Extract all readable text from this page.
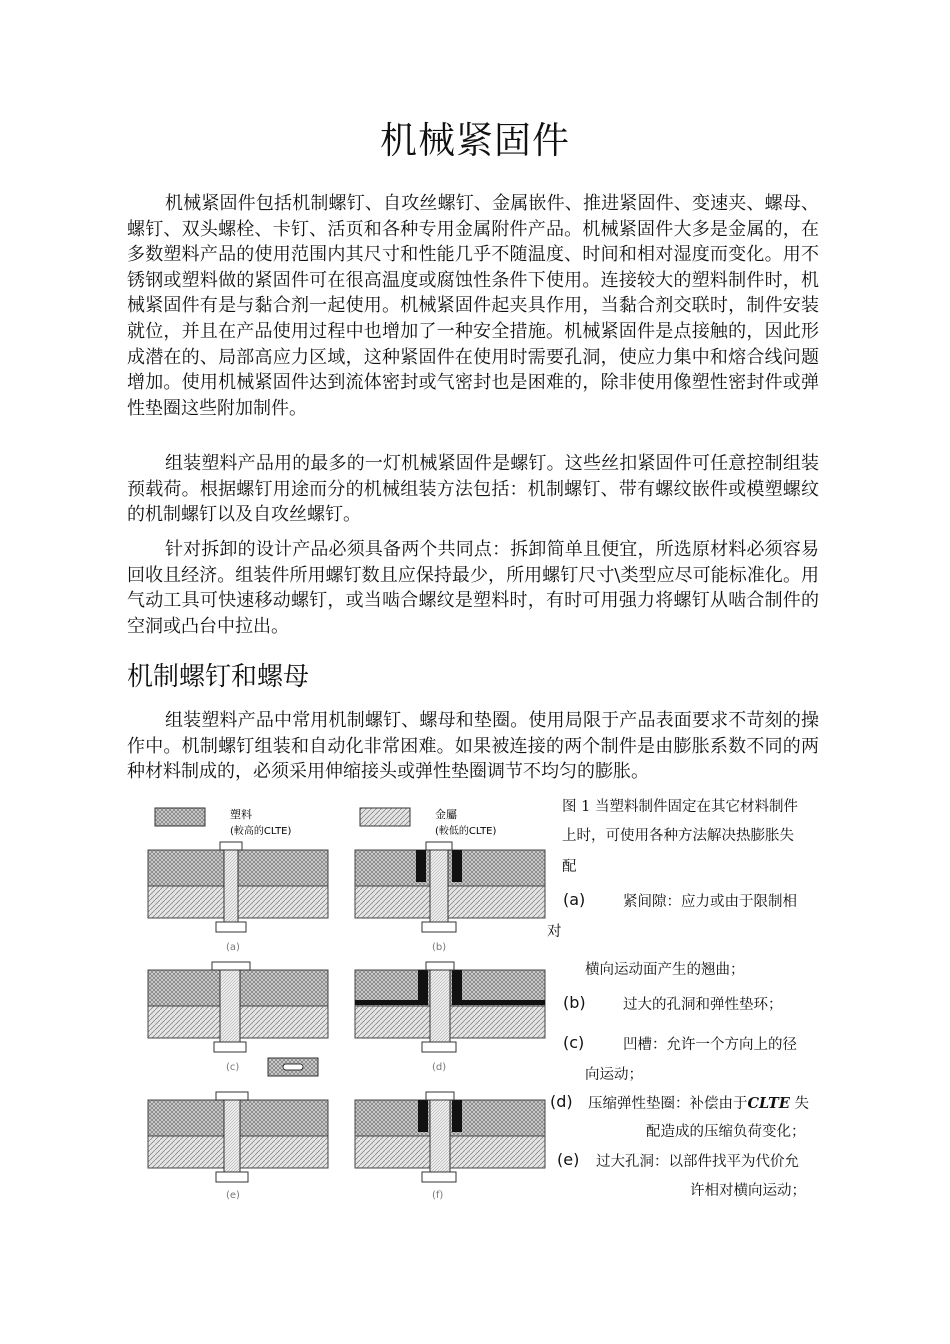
机械紧固件

机械紧固件包括机制螺钉、自攻丝螺钉、金属嵌件、推进紧固件、变速夹、螺母、螺钉、双头螺栓、卡钉、活页和各种专用金属附件产品。机械紧固件大多是金属的，在多数塑料产品的使用范围内其尺寸和性能几乎不随温度、时间和相对湿度而变化。用不锈钢或塑料做的紧固件可在很高温度或腐蚀性条件下使用。连接较大的塑料制件时，机械紧固件有是与黏合剂一起使用。机械紧固件起夹具作用，当黏合剂交联时，制件安装就位，并且在产品使用过程中也增加了一种安全措施。机械紧固件是点接触的，因此形成潜在的、局部高应力区域，这种紧固件在使用时需要孔洞，使应力集中和熔合线问题增加。使用机械紧固件达到流体密封或气密封也是困难的，除非使用像塑性密封件或弹性垫圈这些附加制件。

组装塑料产品用的最多的一灯机械紧固件是螺钉。这些丝扣紧固件可任意控制组装预载荷。根据螺钉用途而分的机械组装方法包括：机制螺钉、带有螺纹嵌件或模塑螺纹的机制螺钉以及自攻丝螺钉。

针对拆卸的设计产品必须具备两个共同点：拆卸简单且便宜，所选原材料必须容易回收且经济。组装件所用螺钉数且应保持最少，所用螺钉尺寸\类型应尽可能标准化。用气动工具可快速移动螺钉，或当啮合螺纹是塑料时，有时可用强力将螺钉从啮合制件的空洞或凸台中拉出。

机制螺钉和螺母

组装塑料产品中常用机制螺钉、螺母和垫圈。使用局限于产品表面要求不苛刻的操作中。机制螺钉组装和自动化非常困难。如果被连接的两个制件是由膨胀系数不同的两种材料制成的，必须采用伸缩接头或弹性垫圈调节不均匀的膨胀。

塑料
(較高的CLTE)
金屬
(較低的CLTE)
(a)	(b)
(c)	(d)
(e)	(f)
图 1 当塑料制件固定在其它材料制件
上时，可使用各种方法解决热膨胀失
配
(a)	紧间隙：应力或由于限制相
对
横向运动面产生的翘曲；
(b)	过大的孔洞和弹性垫环；
(c)	凹槽：允许一个方向上的径
向运动；
(d) 压缩弹性垫圈：补偿由于CLTE 失
配造成的压缩负荷变化；
(e) 过大孔洞：以部件找平为代价允
许相对横向运动；
